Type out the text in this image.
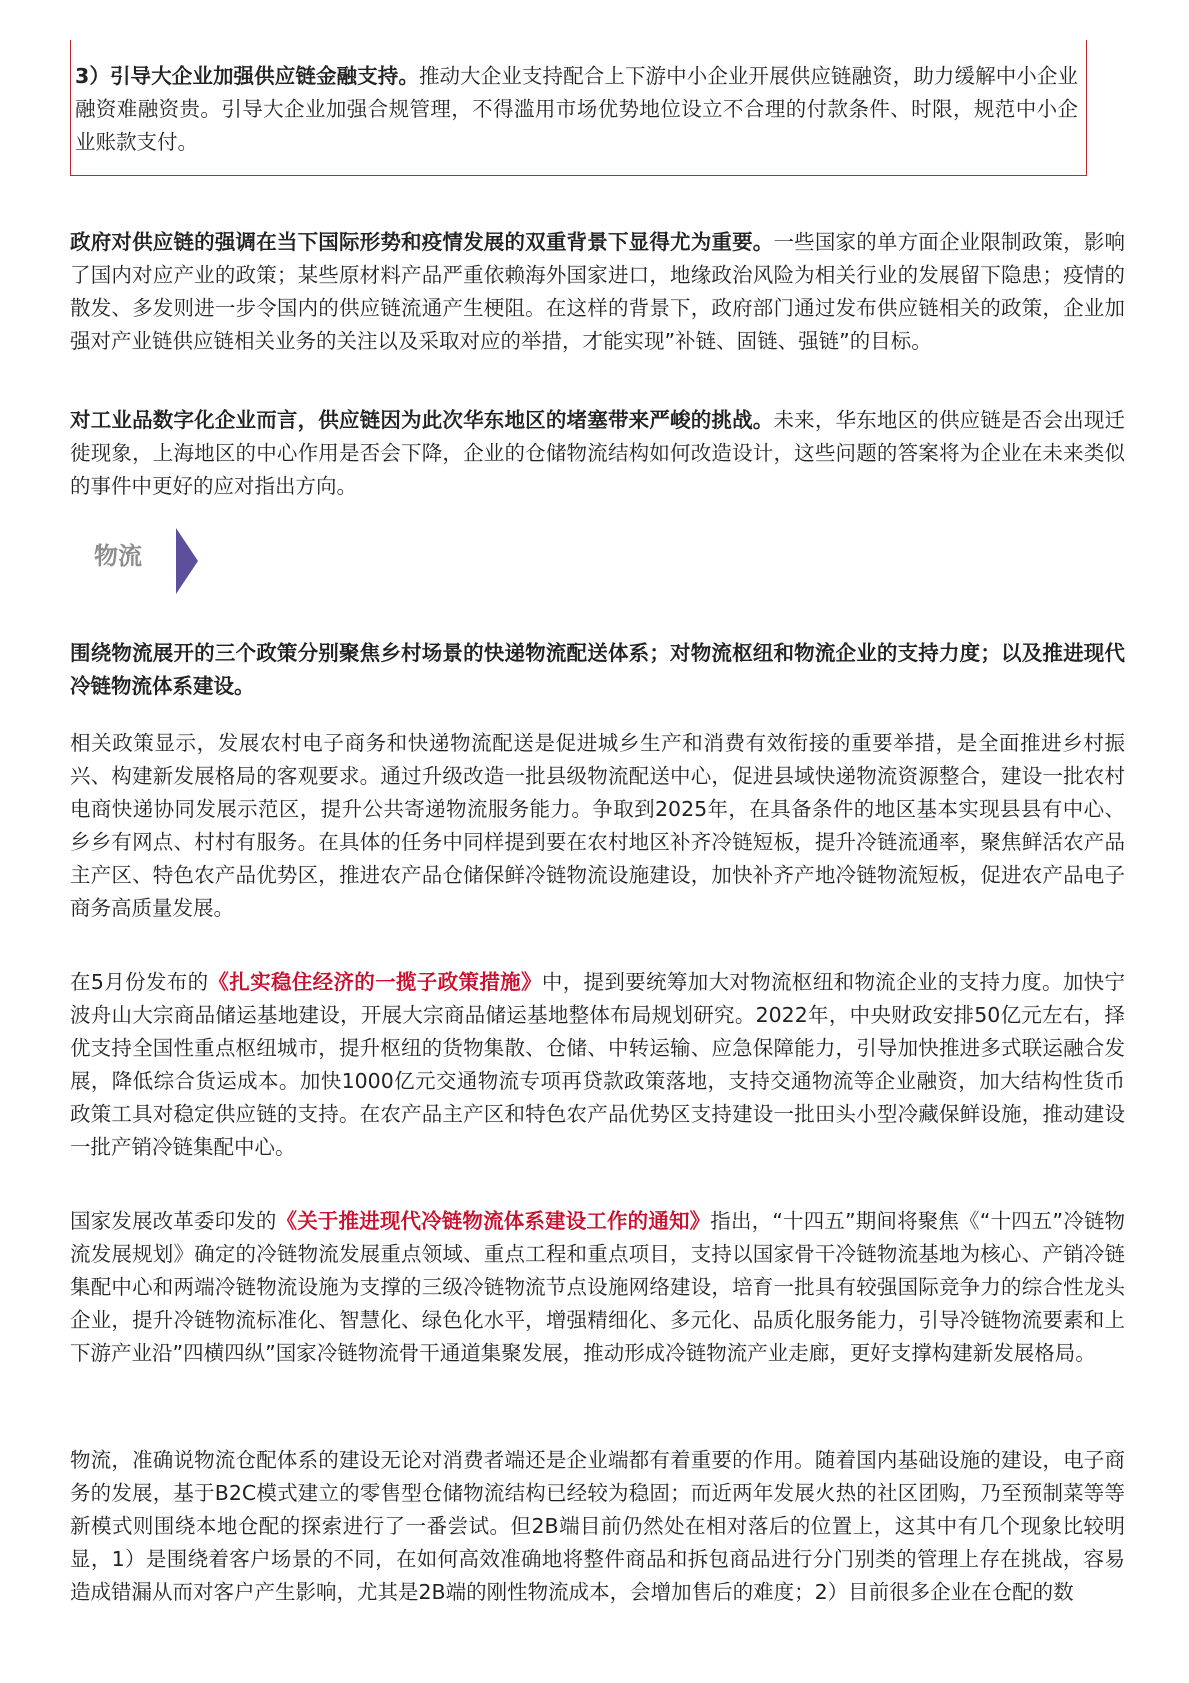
3）引导大企业加强供应链金融支持。推动大企业支持配合上下游中小企业开展供应链融资，助力缓解中小企业融资难融资贵。引导大企业加强合规管理，不得滥用市场优势地位设立不合理的付款条件、时限，规范中小企业账款支付。

政府对供应链的强调在当下国际形势和疫情发展的双重背景下显得尤为重要。一些国家的单方面企业限制政策，影响了国内对应产业的政策；某些原材料产品严重依赖海外国家进口，地缘政治风险为相关行业的发展留下隐患；疫情的散发、多发则进一步令国内的供应链流通产生梗阻。在这样的背景下，政府部门通过发布供应链相关的政策，企业加强对产业链供应链相关业务的关注以及采取对应的举措，才能实现”补链、固链、强链”的目标。

对工业品数字化企业而言，供应链因为此次华东地区的堵塞带来严峻的挑战。未来，华东地区的供应链是否会出现迁徙现象，上海地区的中心作用是否会下降，企业的仓储物流结构如何改造设计，这些问题的答案将为企业在未来类似的事件中更好的应对指出方向。

物流

围绕物流展开的三个政策分别聚焦乡村场景的快递物流配送体系；对物流枢纽和物流企业的支持力度；以及推进现代冷链物流体系建设。

相关政策显示，发展农村电子商务和快递物流配送是促进城乡生产和消费有效衔接的重要举措，是全面推进乡村振兴、构建新发展格局的客观要求。通过升级改造一批县级物流配送中心，促进县域快递物流资源整合，建设一批农村电商快递协同发展示范区，提升公共寄递物流服务能力。争取到2025年，在具备条件的地区基本实现县县有中心、乡乡有网点、村村有服务。在具体的任务中同样提到要在农村地区补齐冷链短板，提升冷链流通率，聚焦鲜活农产品主产区、特色农产品优势区，推进农产品仓储保鲜冷链物流设施建设，加快补齐产地冷链物流短板，促进农产品电子商务高质量发展。

在5月份发布的《扎实稳住经济的一揽子政策措施》中，提到要统筹加大对物流枢纽和物流企业的支持力度。加快宁波舟山大宗商品储运基地建设，开展大宗商品储运基地整体布局规划研究。2022年，中央财政安排50亿元左右，择优支持全国性重点枢纽城市，提升枢纽的货物集散、仓储、中转运输、应急保障能力，引导加快推进多式联运融合发展，降低综合货运成本。加快1000亿元交通物流专项再贷款政策落地，支持交通物流等企业融资，加大结构性货币政策工具对稳定供应链的支持。在农产品主产区和特色农产品优势区支持建设一批田头小型冷藏保鲜设施，推动建设一批产销冷链集配中心。

国家发展改革委印发的《关于推进现代冷链物流体系建设工作的通知》指出，“十四五”期间将聚焦《“十四五”冷链物流发展规划》确定的冷链物流发展重点领域、重点工程和重点项目，支持以国家骨干冷链物流基地为核心、产销冷链集配中心和两端冷链物流设施为支撑的三级冷链物流节点设施网络建设，培育一批具有较强国际竞争力的综合性龙头企业，提升冷链物流标准化、智慧化、绿色化水平，增强精细化、多元化、品质化服务能力，引导冷链物流要素和上下游产业沿”四横四纵”国家冷链物流骨干通道集聚发展，推动形成冷链物流产业走廊，更好支撑构建新发展格局。

物流，准确说物流仓配体系的建设无论对消费者端还是企业端都有着重要的作用。随着国内基础设施的建设，电子商务的发展，基于B2C模式建立的零售型仓储物流结构已经较为稳固；而近两年发展火热的社区团购，乃至预制菜等等新模式则围绕本地仓配的探索进行了一番尝试。但2B端目前仍然处在相对落后的位置上，这其中有几个现象比较明显，1）是围绕着客户场景的不同，在如何高效准确地将整件商品和拆包商品进行分门别类的管理上存在挑战，容易造成错漏从而对客户产生影响，尤其是2B端的刚性物流成本，会增加售后的难度；2）目前很多企业在仓配的数
